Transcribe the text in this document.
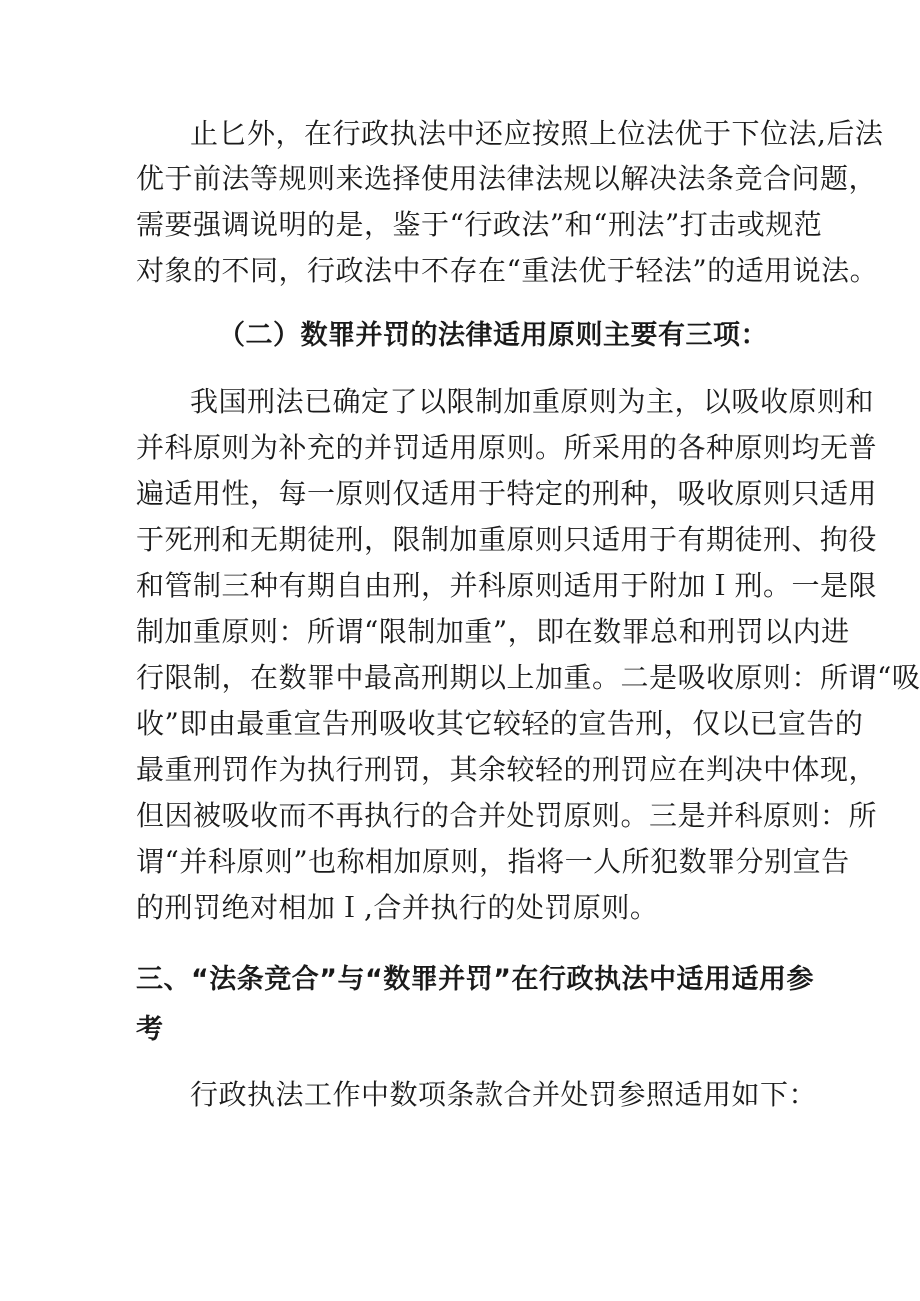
止匕外，在行政执法中还应按照上位法优于下位法,后法
优于前法等规则来选择使用法律法规以解决法条竞合问题，
需要强调说明的是，鉴于“行政法”和“刑法”打击或规范
对象的不同，行政法中不存在“重法优于轻法”的适用说法。
（二）数罪并罚的法律适用原则主要有三项：
我国刑法已确定了以限制加重原则为主，以吸收原则和
并科原则为补充的并罚适用原则。所采用的各种原则均无普
遍适用性，每一原则仅适用于特定的刑种，吸收原则只适用
于死刑和无期徒刑，限制加重原则只适用于有期徒刑、拘役
和管制三种有期自由刑，并科原则适用于附加Ｉ刑。一是限
制加重原则：所谓“限制加重”，即在数罪总和刑罚以内进
行限制，在数罪中最高刑期以上加重。二是吸收原则：所谓“吸
收”即由最重宣告刑吸收其它较轻的宣告刑，仅以已宣告的
最重刑罚作为执行刑罚，其余较轻的刑罚应在判决中体现，
但因被吸收而不再执行的合并处罚原则。三是并科原则：所
谓“并科原则”也称相加原则，指将一人所犯数罪分别宣告
的刑罚绝对相加Ｉ,合并执行的处罚原则。
三、“法条竞合”与“数罪并罚”在行政执法中适用适用参
考
行政执法工作中数项条款合并处罚参照适用如下：
